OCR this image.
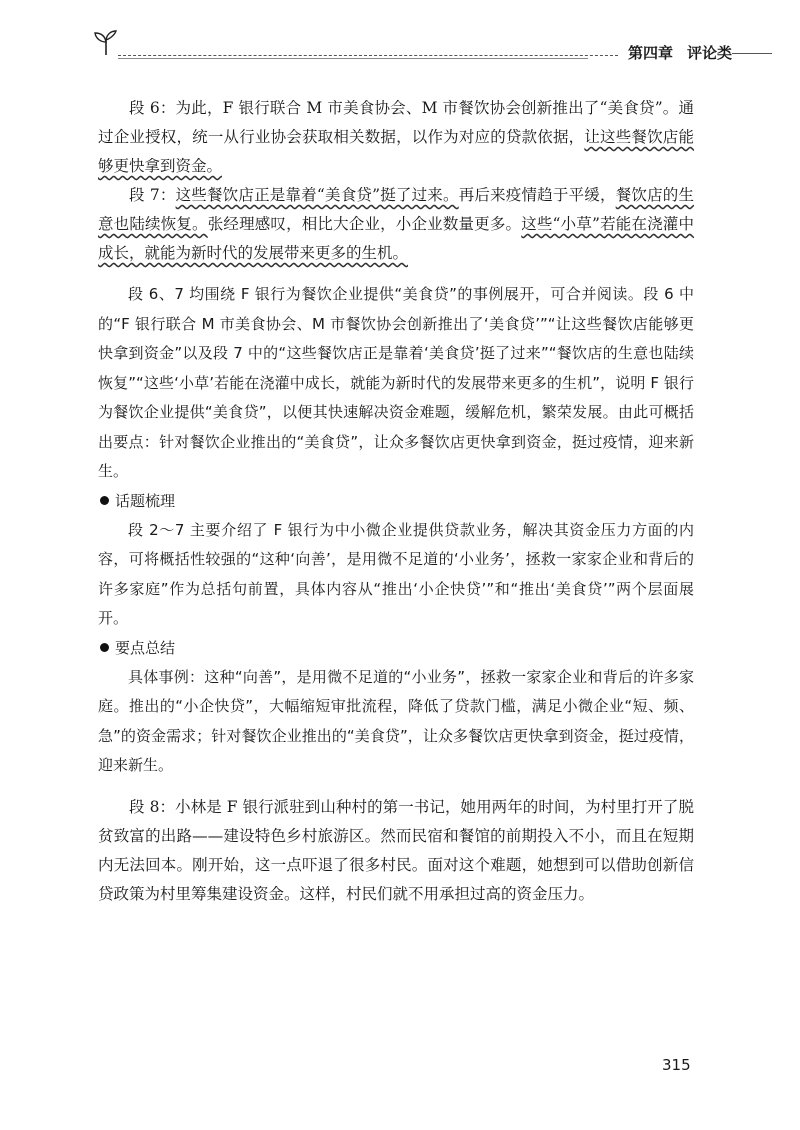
第四章 评论类

段 6：为此，F 银行联合 M 市美食协会、M 市餐饮协会创新推出了“美食贷”。通过企业授权，统一从行业协会获取相关数据，以作为对应的贷款依据，让这些餐饮店能够更快拿到资金。

段 7：这些餐饮店正是靠着“美食贷”挺了过来。再后来疫情趋于平缓，餐饮店的生意也陆续恢复。张经理感叹，相比大企业，小企业数量更多。这些“小草”若能在浇灌中成长，就能为新时代的发展带来更多的生机。

段 6、7 均围绕 F 银行为餐饮企业提供“美食贷”的事例展开，可合并阅读。段 6 中的“F 银行联合 M 市美食协会、M 市餐饮协会创新推出了‘美食贷’”“让这些餐饮店能够更快拿到资金”以及段 7 中的“这些餐饮店正是靠着‘美食贷’挺了过来”“餐饮店的生意也陆续恢复”“这些‘小草’若能在浇灌中成长，就能为新时代的发展带来更多的生机”，说明 F 银行为餐饮企业提供“美食贷”，以便其快速解决资金难题，缓解危机，繁荣发展。由此可概括出要点：针对餐饮企业推出的“美食贷”，让众多餐饮店更快拿到资金，挺过疫情，迎来新生。

话题梳理

段 2～7 主要介绍了 F 银行为中小微企业提供贷款业务，解决其资金压力方面的内容，可将概括性较强的“这种‘向善’，是用微不足道的‘小业务’，拯救一家家企业和背后的许多家庭”作为总括句前置，具体内容从“推出‘小企快贷’”和“推出‘美食贷’”两个层面展开。

要点总结

具体事例：这种“向善”，是用微不足道的“小业务”，拯救一家家企业和背后的许多家庭。推出的“小企快贷”，大幅缩短审批流程，降低了贷款门槛，满足小微企业“短、频、急”的资金需求；针对餐饮企业推出的“美食贷”，让众多餐饮店更快拿到资金，挺过疫情，迎来新生。

段 8：小林是 F 银行派驻到山种村的第一书记，她用两年的时间，为村里打开了脱贫致富的出路——建设特色乡村旅游区。然而民宿和餐馆的前期投入不小，而且在短期内无法回本。刚开始，这一点吓退了很多村民。面对这个难题，她想到可以借助创新信贷政策为村里筹集建设资金。这样，村民们就不用承担过高的资金压力。

315
